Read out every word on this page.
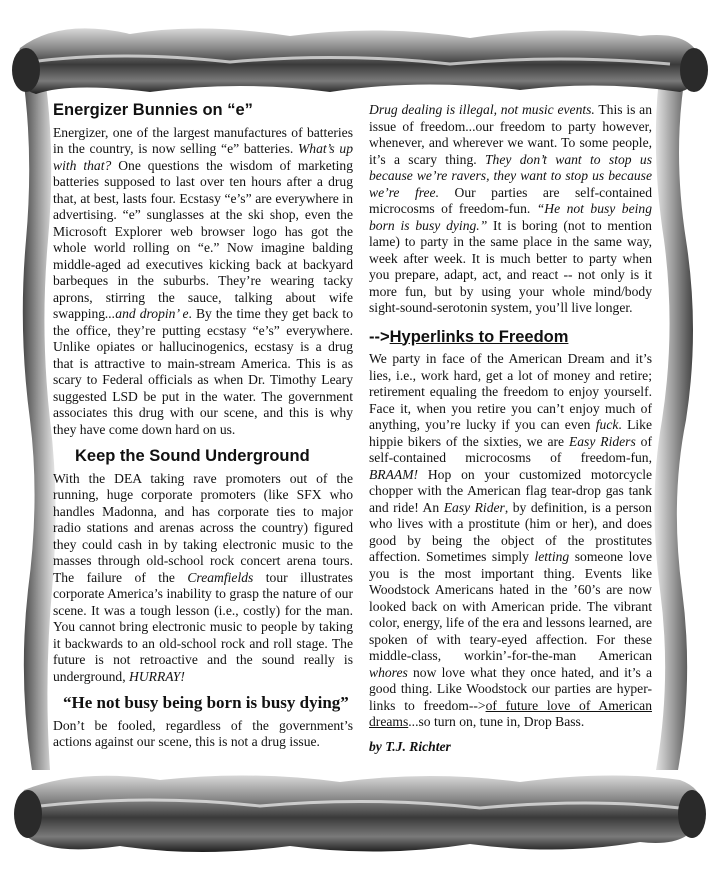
Energizer Bunnies on “e”

Energizer, one of the largest manufactures of batteries in the country, is now selling “e” batteries. What’s up with that? One questions the wisdom of marketing batteries supposed to last over ten hours after a drug that, at best, lasts four. Ecstasy “e’s” are everywhere in advertising. “e” sunglasses at the ski shop, even the Microsoft Explorer web browser logo has got the whole world rolling on “e.” Now imagine balding middle-aged ad executives kicking back at backyard barbeques in the suburbs. They’re wearing tacky aprons, stirring the sauce, talking about wife swapping...and dropin’ e. By the time they get back to the office, they’re putting ecstasy “e’s” everywhere. Unlike opiates or hallucinogenics, ecstasy is a drug that is attractive to main-stream America. This is as scary to Federal officials as when Dr. Timothy Leary suggested LSD be put in the water. The government associates this drug with our scene, and this is why they have come down hard on us.

Keep the Sound Underground

With the DEA taking rave promoters out of the running, huge corporate promoters (like SFX who handles Madonna, and has corporate ties to major radio stations and arenas across the country) figured they could cash in by taking electronic music to the masses through old-school rock concert arena tours. The failure of the Creamfields tour illustrates corporate America’s inability to grasp the nature of our scene. It was a tough lesson (i.e., costly) for the man. You cannot bring electronic music to people by taking it backwards to an old-school rock and roll stage. The future is not retroactive and the sound really is underground, HURRAY!

“He not busy being born is busy dying”

Don’t be fooled, regardless of the government’s actions against our scene, this is not a drug issue.

Drug dealing is illegal, not music events. This is an issue of freedom...our freedom to party however, whenever, and wherever we want. To some people, it’s a scary thing. They don’t want to stop us because we’re ravers, they want to stop us because we’re free. Our parties are self-contained microcosms of freedom-fun. “He not busy being born is busy dying.” It is boring (not to mention lame) to party in the same place in the same way, week after week. It is much better to party when you prepare, adapt, act, and react -- not only is it more fun, but by using your whole mind/body sight-sound-serotonin system, you’ll live longer.

-->Hyperlinks to Freedom

We party in face of the American Dream and it’s lies, i.e., work hard, get a lot of money and retire; retirement equaling the freedom to enjoy yourself. Face it, when you retire you can’t enjoy much of anything, you’re lucky if you can even fuck. Like hippie bikers of the sixties, we are Easy Riders of self-contained microcosms of freedom-fun, BRAAM! Hop on your customized motorcycle chopper with the American flag tear-drop gas tank and ride! An Easy Rider, by definition, is a person who lives with a prostitute (him or her), and does good by being the object of the prostitutes affection. Sometimes simply letting someone love you is the most important thing. Events like Woodstock Americans hated in the ’60’s are now looked back on with American pride. The vibrant color, energy, life of the era and lessons learned, are spoken of with teary-eyed affection. For these middle-class, workin’-for-the-man American whores now love what they once hated, and it’s a good thing. Like Woodstock our parties are hyper-links to freedom-->of future love of American dreams...so turn on, tune in, Drop Bass.

by T.J. Richter
